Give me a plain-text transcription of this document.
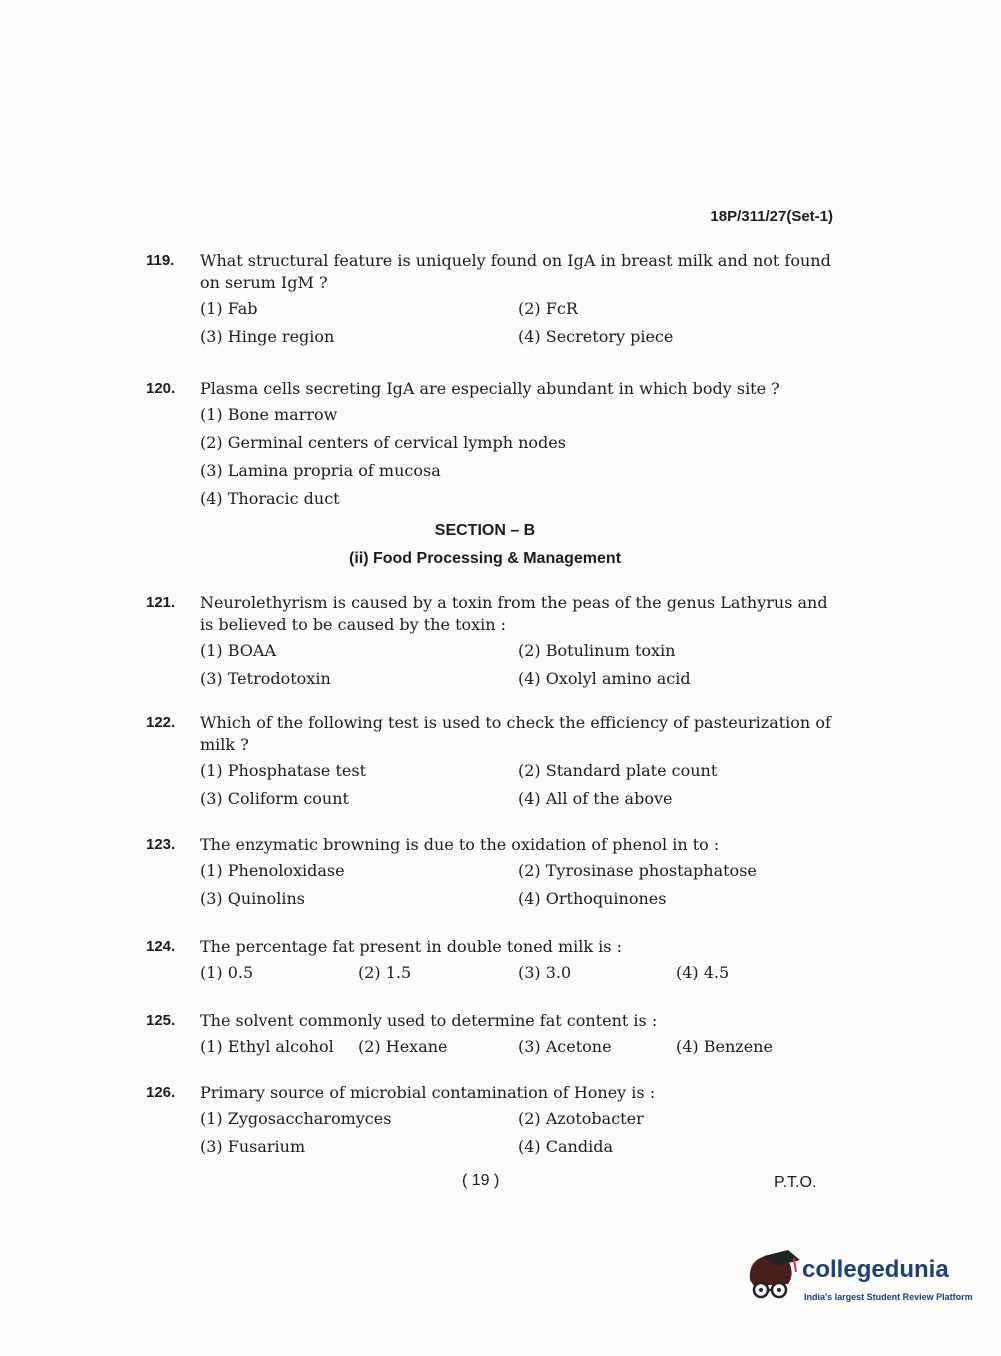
18P/311/27(Set-1)
119. What structural feature is uniquely found on IgA in breast milk and not found on serum IgM ?
(1) Fab	(2) FcR
(3) Hinge region	(4) Secretory piece
120. Plasma cells secreting IgA are especially abundant in which body site ?
(1) Bone marrow
(2) Germinal centers of cervical lymph nodes
(3) Lamina propria of mucosa
(4) Thoracic duct
SECTION – B
(ii) Food Processing & Management
121. Neurolethyrism is caused by a toxin from the peas of the genus Lathyrus and is believed to be caused by the toxin :
(1) BOAA	(2) Botulinum toxin
(3) Tetrodotoxin	(4) Oxolyl amino acid
122. Which of the following test is used to check the efficiency of pasteurization of milk ?
(1) Phosphatase test	(2) Standard plate count
(3) Coliform count	(4) All of the above
123. The enzymatic browning is due to the oxidation of phenol in to :
(1) Phenoloxidase	(2) Tyrosinase phostaphatose
(3) Quinolins	(4) Orthoquinones
124. The percentage fat present in double toned milk is :
(1) 0.5	(2) 1.5	(3) 3.0	(4) 4.5
125. The solvent commonly used to determine fat content is :
(1) Ethyl alcohol	(2) Hexane	(3) Acetone	(4) Benzene
126. Primary source of microbial contamination of Honey is :
(1) Zygosaccharomyces	(2) Azotobacter
(3) Fusarium	(4) Candida
( 19 )	P.T.O.
collegedunia
India's largest Student Review Platform
